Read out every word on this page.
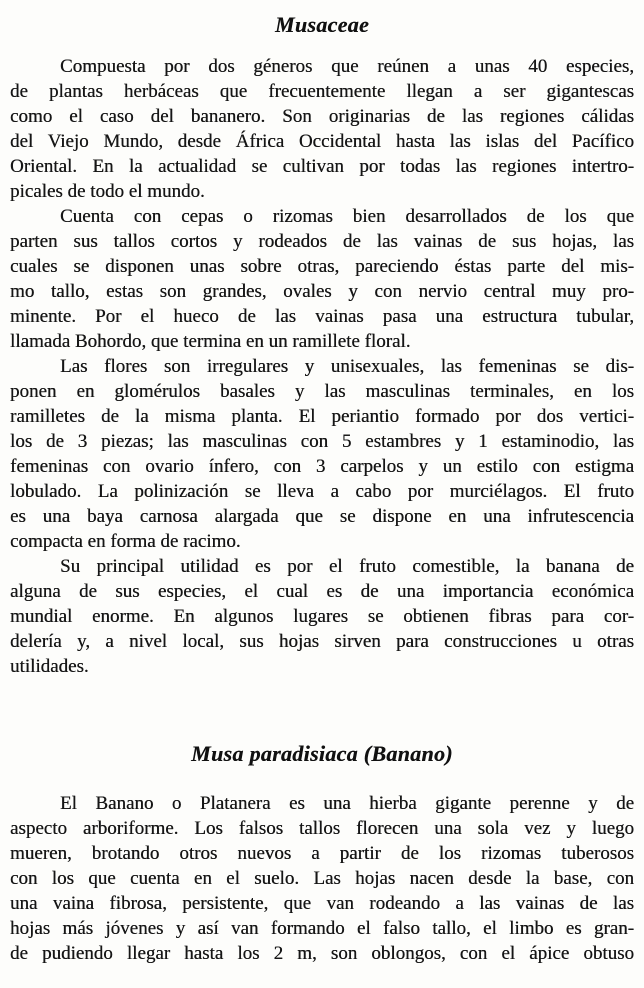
Musaceae
Compuesta por dos géneros que reúnen a unas 40 especies,
de plantas herbáceas que frecuentemente llegan a ser gigantescas
como el caso del bananero. Son originarias de las regiones cálidas
del Viejo Mundo, desde África Occidental hasta las islas del Pacífico
Oriental. En la actualidad se cultivan por todas las regiones intertro-
picales de todo el mundo.
Cuenta con cepas o rizomas bien desarrollados de los que
parten sus tallos cortos y rodeados de las vainas de sus hojas, las
cuales se disponen unas sobre otras, pareciendo éstas parte del mis-
mo tallo, estas son grandes, ovales y con nervio central muy pro-
minente. Por el hueco de las vainas pasa una estructura tubular,
llamada Bohordo, que termina en un ramillete floral.
Las flores son irregulares y unisexuales, las femeninas se dis-
ponen en glomérulos basales y las masculinas terminales, en los
ramilletes de la misma planta. El periantio formado por dos vertici-
los de 3 piezas; las masculinas con 5 estambres y 1 estaminodio, las
femeninas con ovario ínfero, con 3 carpelos y un estilo con estigma
lobulado. La polinización se lleva a cabo por murciélagos. El fruto
es una baya carnosa alargada que se dispone en una infrutescencia
compacta en forma de racimo.
Su principal utilidad es por el fruto comestible, la banana de
alguna de sus especies, el cual es de una importancia económica
mundial enorme. En algunos lugares se obtienen fibras para cor-
delería y, a nivel local, sus hojas sirven para construcciones u otras
utilidades.
Musa paradisiaca (Banano)
El Banano o Platanera es una hierba gigante perenne y de
aspecto arboriforme. Los falsos tallos florecen una sola vez y luego
mueren, brotando otros nuevos a partir de los rizomas tuberosos
con los que cuenta en el suelo. Las hojas nacen desde la base, con
una vaina fibrosa, persistente, que van rodeando a las vainas de las
hojas más jóvenes y así van formando el falso tallo, el limbo es gran-
de pudiendo llegar hasta los 2 m, son oblongos, con el ápice obtuso
